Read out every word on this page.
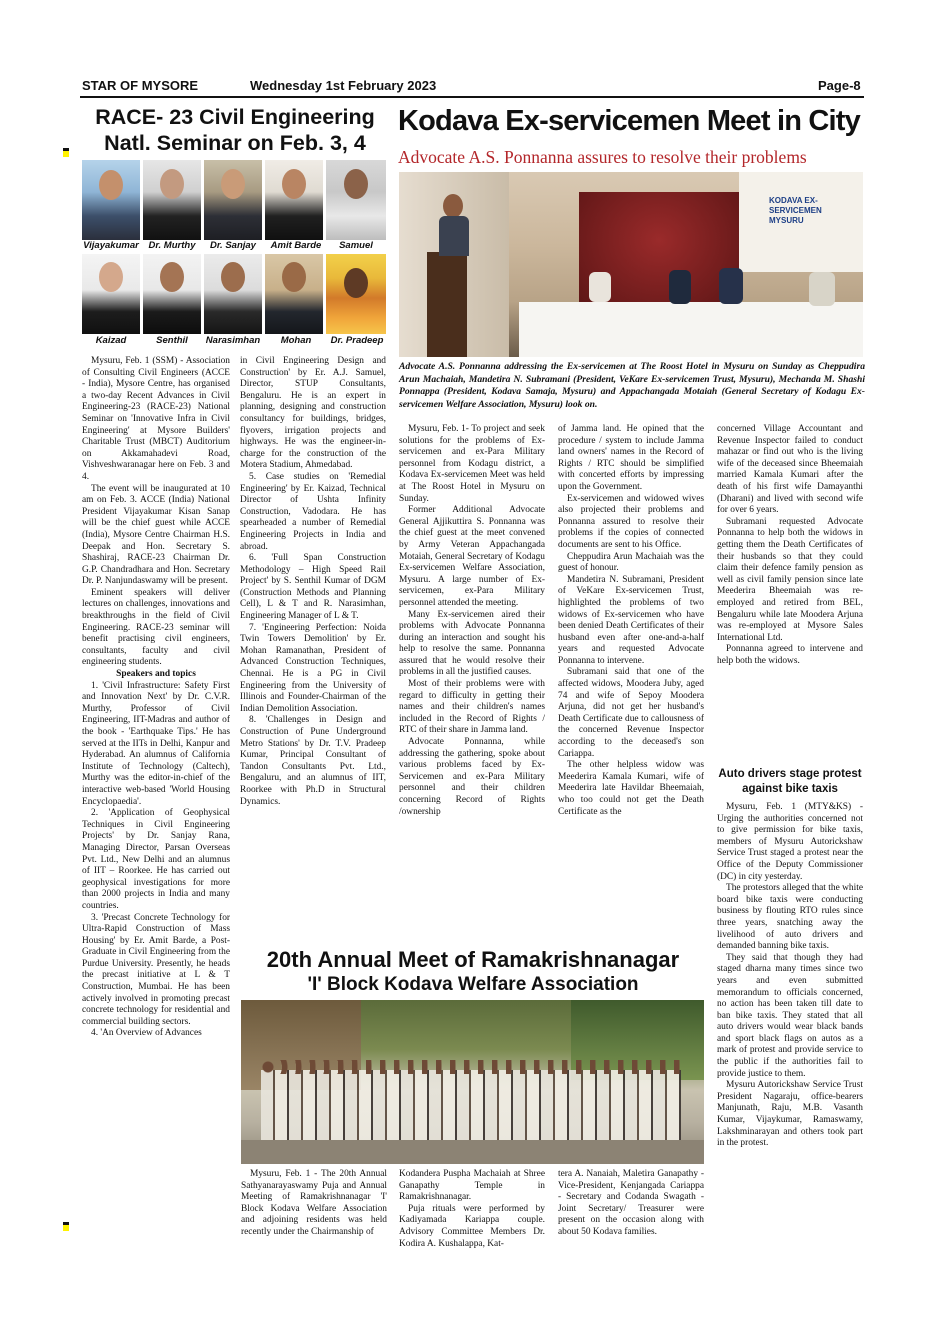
STAR OF MYSORE	Wednesday 1st February 2023	Page-8
RACE- 23 Civil Engineering
Natl. Seminar on Feb. 3, 4
Vijayakumar	Dr. Murthy	Dr. Sanjay	Amit Barde	Samuel
Kaizad	Senthil	Narasimhan	Mohan	Dr. Pradeep

Mysuru, Feb. 1 (SSM) - Association of Consulting Civil Engineers (ACCE - India), Mysore Centre, has organised a two-day Recent Advances in Civil Engineering-23 (RACE-23) National Seminar on 'Innovative Infra in Civil Engineering' at Mysore Builders' Charitable Trust (MBCT) Auditorium on Akkamahadevi Road, Vishveshwaranagar here on Feb. 3 and 4.

The event will be inaugurated at 10 am on Feb. 3. ACCE (India) National President Vijayakumar Kisan Sanap will be the chief guest while ACCE (India), Mysore Centre Chairman H.S. Deepak and Hon. Secretary S. Shashiraj, RACE-23 Chairman Dr. G.P. Chandradhara and Hon. Secretary Dr. P. Nanjundaswamy will be present.

Eminent speakers will deliver lectures on challenges, innovations and breakthroughs in the field of Civil Engineering. RACE-23 seminar will benefit practising civil engineers, consultants, faculty and civil engineering students.

Speakers and topics

1. 'Civil Infrastructure: Safety First and Innovation Next' by Dr. C.V.R. Murthy, Professor of Civil Engineering, IIT-Madras and author of the book - 'Earthquake Tips.' He has served at the IITs in Delhi, Kanpur and Hyderabad. An alumnus of California Institute of Technology (Caltech), Murthy was the editor-in-chief of the interactive web-based 'World Housing Encyclopaedia'.

2. 'Application of Geophysical Techniques in Civil Engineering Projects' by Dr. Sanjay Rana, Managing Director, Parsan Overseas Pvt. Ltd., New Delhi and an alumnus of IIT – Roorkee. He has carried out geophysical investigations for more than 2000 projects in India and many countries.

3. 'Precast Concrete Technology for Ultra-Rapid Construction of Mass Housing' by Er. Amit Barde, a Post-Graduate in Civil Engineering from the Purdue University. Presently, he heads the precast initiative at L & T Construction, Mumbai. He has been actively involved in promoting precast concrete technology for residential and commercial building sectors.

4. 'An Overview of Advances

in Civil Engineering Design and Construction' by Er. A.J. Samuel, Director, STUP Consultants, Bengaluru. He is an expert in planning, designing and construction consultancy for buildings, bridges, flyovers, irrigation projects and highways. He was the engineer-in-charge for the construction of the Motera Stadium, Ahmedabad.

5. Case studies on 'Remedial Engineering' by Er. Kaizad, Technical Director of Ushta Infinity Construction, Vadodara. He has spearheaded a number of Remedial Engineering Projects in India and abroad.

6. 'Full Span Construction Methodology – High Speed Rail Project' by S. Senthil Kumar of DGM (Construction Methods and Planning Cell), L & T and R. Narasimhan, Engineering Manager of L & T.

7. 'Engineering Perfection: Noida Twin Towers Demolition' by Er. Mohan Ramanathan, President of Advanced Construction Techniques, Chennai. He is a PG in Civil Engineering from the University of Illinois and Founder-Chairman of the Indian Demolition Association.

8. 'Challenges in Design and Construction of Pune Underground Metro Stations' by Dr. T.V. Pradeep Kumar, Principal Consultant of Tandon Consultants Pvt. Ltd., Bengaluru, and an alumnus of IIT, Roorkee with Ph.D in Structural Dynamics.

Kodava Ex-servicemen Meet in City
Advocate A.S. Ponnanna assures to resolve their problems
KODAVA EX-SERVICEMEN MYSURU
Advocate A.S. Ponnanna addressing the Ex-servicemen at The Roost Hotel in Mysuru on Sunday as Cheppudira Arun Machaiah, Mandetira N. Subramani (President, VeKare Ex-servicemen Trust, Mysuru), Mechanda M. Shashi Ponnappa (President, Kodava Samaja, Mysuru) and Appachangada Motaiah (General Secretary of Kodagu Ex-servicemen Welfare Association, Mysuru) look on.

Mysuru, Feb. 1- To project and seek solutions for the problems of Ex-servicemen and ex-Para Military personnel from Kodagu district, a Kodava Ex-servicemen Meet was held at The Roost Hotel in Mysuru on Sunday.

Former Additional Advocate General Ajjikuttira S. Ponnanna was the chief guest at the meet convened by Army Veteran Appachangada Motaiah, General Secretary of Kodagu Ex-servicemen Welfare Association, Mysuru. A large number of Ex-servicemen, ex-Para Military personnel attended the meeting.

Many Ex-servicemen aired their problems with Advocate Ponnanna during an interaction and sought his help to resolve the same. Ponnanna assured that he would resolve their problems in all the justified causes.

Most of their problems were with regard to difficulty in getting their names and their children's names included in the Record of Rights / RTC of their share in Jamma land.

Advocate Ponnanna, while addressing the gathering, spoke about various problems faced by Ex-Servicemen and ex-Para Military personnel and their children concerning Record of Rights /ownership

of Jamma land. He opined that the procedure / system to include Jamma land owners' names in the Record of Rights / RTC should be simplified with concerted efforts by impressing upon the Government.

Ex-servicemen and widowed wives also projected their problems and Ponnanna assured to resolve their problems if the copies of connected documents are sent to his Office.

Cheppudira Arun Machaiah was the guest of honour.

Mandetira N. Subramani, President of VeKare Ex-servicemen Trust, highlighted the problems of two widows of Ex-servicemen who have been denied Death Certificates of their husband even after one-and-a-half years and requested Advocate Ponnanna to intervene.

Subramani said that one of the affected widows, Moodera Juby, aged 74 and wife of Sepoy Moodera Arjuna, did not get her husband's Death Certificate due to callousness of the concerned Revenue Inspector according to the deceased's son Cariappa.

The other helpless widow was Meederira Kamala Kumari, wife of Meederira late Havildar Bheemaiah, who too could not get the Death Certificate as the

concerned Village Accountant and Revenue Inspector failed to conduct mahazar or find out who is the living wife of the deceased since Bheemaiah married Kamala Kumari after the death of his first wife Damayanthi (Dharani) and lived with second wife for over 6 years.

Subramani requested Advocate Ponnanna to help both the widows in getting them the Death Certificates of their husbands so that they could claim their defence family pension as well as civil family pension since late Meederira Bheemaiah was re-employed and retired from BEL, Bengaluru while late Moodera Arjuna was re-employed at Mysore Sales International Ltd.

Ponnanna agreed to intervene and help both the widows.

Auto drivers stage protest against bike taxis

Mysuru, Feb. 1 (MTY&KS) - Urging the authorities concerned not to give permission for bike taxis, members of Mysuru Autorickshaw Service Trust staged a protest near the Office of the Deputy Commissioner (DC) in city yesterday.

The protestors alleged that the white board bike taxis were conducting business by flouting RTO rules since three years, snatching away the livelihood of auto drivers and demanded banning bike taxis.

They said that though they had staged dharna many times since two years and even submitted memorandum to officials concerned, no action has been taken till date to ban bike taxis. They stated that all auto drivers would wear black bands and sport black flags on autos as a mark of protest and provide service to the public if the authorities fail to provide justice to them.

Mysuru Autorickshaw Service Trust President Nagaraju, office-bearers Manjunath, Raju, M.B. Vasanth Kumar, Vijaykumar, Ramaswamy, Lakshminarayan and others took part in the protest.

20th Annual Meet of Ramakrishnanagar
'I' Block Kodava Welfare Association

Mysuru, Feb. 1 - The 20th Annual Sathyanarayaswamy Puja and Annual Meeting of Ramakrishnanagar 'I' Block Kodava Welfare Association and adjoining residents was held recently under the Chairmanship of

Kodandera Puspha Machaiah at Shree Ganapathy Temple in Ramakrishnanagar.

Puja rituals were performed by Kadiyamada Kariappa couple. Advisory Committee Members Dr. Kodira A. Kushalappa, Kat-

tera A. Nanaiah, Maletira Ganapathy - Vice-President, Kenjangada Cariappa - Secretary and Codanda Swagath - Joint Secretary/ Treasurer were present on the occasion along with about 50 Kodava families.
